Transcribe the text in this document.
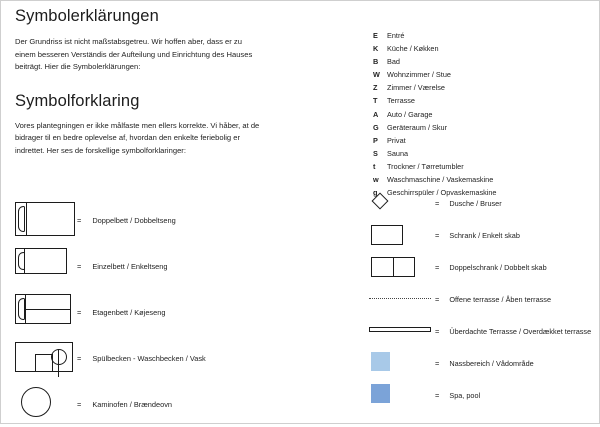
Symbolerklärungen

Der Grundriss ist nicht maßstabsgetreu. Wir hoffen aber, dass er zu einem besseren Verständis der Aufteilung und Einrichtung des Hauses beiträgt. Hier die Symbolerklärungen:

Symbolforklaring

Vores plantegningen er ikke målfaste men ellers korrekte. Vi håber, at de bidrager til en bedre oplevelse af, hvordan den enkelte feriebolig er indrettet. Her ses de forskellige symbolforklaringer:

=	Doppelbett / Dobbeltseng
=	Einzelbett / Enkeltseng
=	Etagenbett / Køjeseng
=	Spülbecken - Waschbecken / Vask
=	Kaminofen / Brændeovn
E	Entré
K	Küche / Køkken
B	Bad
W Wohnzimmer / Stue
Z	Zimmer / Værelse
T	Terrasse
A	Auto / Garage
G	Geräteraum / Skur
P	Privat
S	Sauna
t	Trockner / Tørretumbler
w	Waschmaschine / Vaskemaskine
g	Geschirrspüler / Opvaskemaskine
=	Dusche / Bruser
=	Schrank / Enkelt skab
=	Doppelschrank / Dobbelt skab
=	Offene terrasse / Åben terrasse
=	Überdachte Terrasse / Overdækket terrasse
=	Nassbereich / Vådområde
=	Spa, pool
